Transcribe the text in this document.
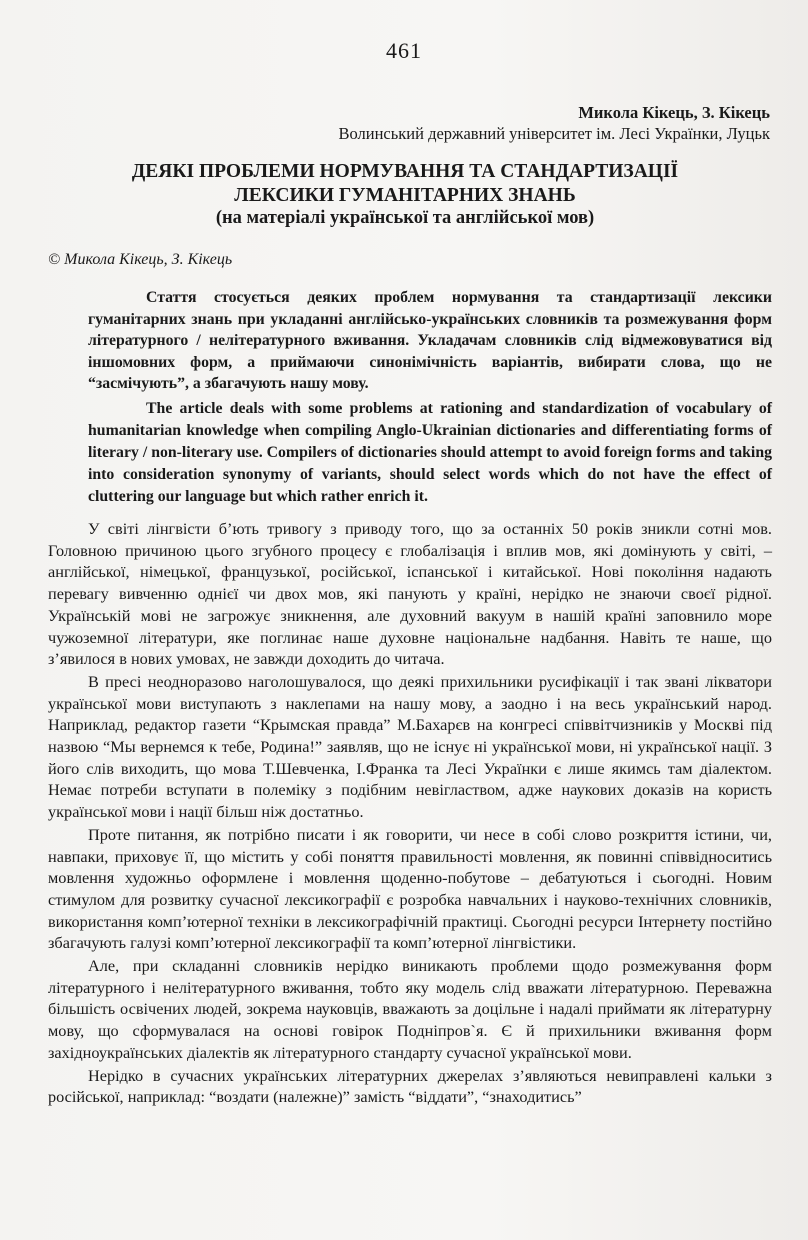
461
Микола Кікець, З. Кікець
Волинський державний університет ім. Лесі Українки, Луцьк
ДЕЯКІ ПРОБЛЕМИ НОРМУВАННЯ ТА СТАНДАРТИЗАЦІЇ
ЛЕКСИКИ ГУМАНІТАРНИХ ЗНАНЬ
(на матеріалі української та англійської мов)
© Микола Кікець, З. Кікець

Стаття стосується деяких проблем нормування та стандартизації лексики гуманітарних знань при укладанні англійсько-українських словників та розмежування форм літературного / нелітературного вживання. Укладачам словників слід відмежовуватися від іншомовних форм, а приймаючи синонімічність варіантів, вибирати слова, що не “засмічують”, а збагачують нашу мову.

The article deals with some problems at rationing and standardization of vocabulary of humanitarian knowledge when compiling Anglo-Ukrainian dictionaries and differentiating forms of literary / non-literary use. Compilers of dictionaries should attempt to avoid foreign forms and taking into consideration synonymy of variants, should select words which do not have the effect of cluttering our language but which rather enrich it.

У світі лінгвісти б’ють тривогу з приводу того, що за останніх 50 років зникли сотні мов. Головною причиною цього згубного процесу є глобалізація і вплив мов, які домінують у світі, – англійської, німецької, французької, російської, іспанської і китайської. Нові покоління надають перевагу вивченню однієї чи двох мов, які панують у країні, нерідко не знаючи своєї рідної. Українській мові не загрожує зникнення, але духовний вакуум в нашій країні заповнило море чужоземної літератури, яке поглинає наше духовне національне надбання. Навіть те наше, що з’явилося в нових умовах, не завжди доходить до читача.

В пресі неодноразово наголошувалося, що деякі прихильники русифікації і так звані лікватори української мови виступають з наклепами на нашу мову, а заодно і на весь український народ. Наприклад, редактор газети “Крымская правда” М.Бахарєв на конгресі співвітчизників у Москві під назвою “Мы вернемся к тебе, Родина!” заявляв, що не існує ні української мови, ні української нації. З його слів виходить, що мова Т.Шевченка, І.Франка та Лесі Українки є лише якимсь там діалектом. Немає потреби вступати в полеміку з подібним невіглаством, адже наукових доказів на користь української мови і нації більш ніж достатньо.

Проте питання, як потрібно писати і як говорити, чи несе в собі слово розкриття істини, чи, навпаки, приховує її, що містить у собі поняття правильності мовлення, як повинні співвідноситись мовлення художньо оформлене і мовлення щоденно-побутове – дебатуються і сьогодні. Новим стимулом для розвитку сучасної лексикографії є розробка навчальних і науково-технічних словників, використання комп’ютерної техніки в лексикографічній практиці. Сьогодні ресурси Інтернету постійно збагачують галузі комп’ютерної лексикографії та комп’ютерної лінгвістики.

Але, при складанні словників нерідко виникають проблеми щодо розмежування форм літературного і нелітературного вживання, тобто яку модель слід вважати літературною. Переважна більшість освічених людей, зокрема науковців, вважають за доцільне і надалі приймати як літературну мову, що сформувалася на основі говірок Подніпров`я. Є й прихильники вживання форм західноукраїнських діалектів як літературного стандарту сучасної української мови.

Нерідко в сучасних українських літературних джерелах з’являються невиправлені кальки з російської, наприклад: “воздати (належне)” замість “віддати”, “знаходитись”
